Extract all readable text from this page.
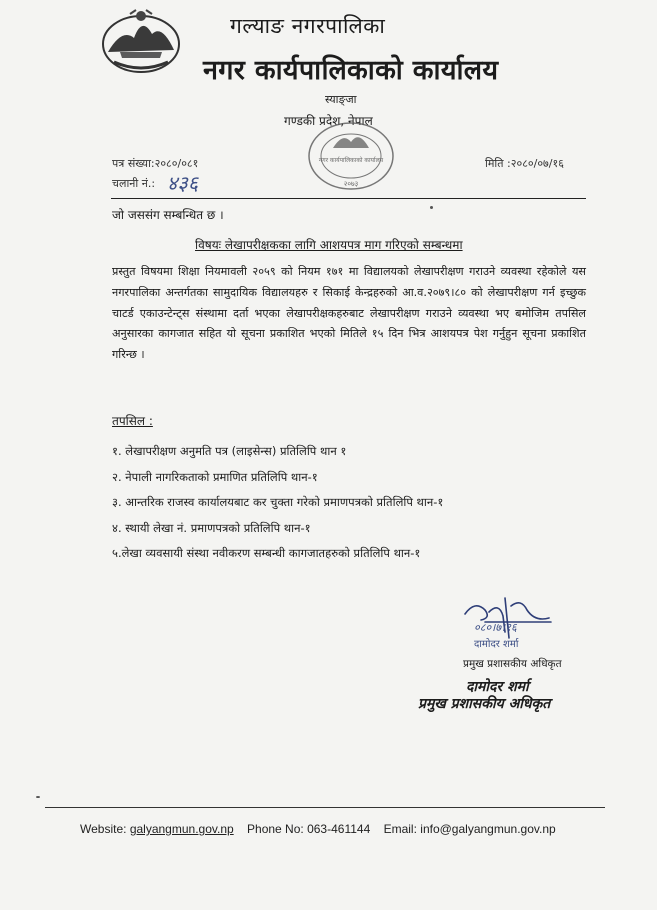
गल्याङ नगरपालिका
नगर कार्यपालिकाको कार्यालय
स्याङ्जा
गण्डकी प्रदेश, नेपाल
नगर कार्यपालिकाको कार्यालय
२०७३
पत्र संख्या:२०८०/०८१
चलानी नं.: ४३६
मिति :२०८०/०७/१६
जो जससंग सम्बन्धित छ ।
विषयः लेखापरीक्षकका लागि आशयपत्र माग गरिएको सम्बन्धमा
प्रस्तुत विषयमा शिक्षा नियमावली २०५९ को नियम १७१ मा विद्यालयको लेखापरीक्षण गराउने व्यवस्था रहेकोले यस नगरपालिका अन्तर्गतका सामुदायिक विद्यालयहरु र सिकाई केन्द्रहरुको आ.व.२०७९।८० को लेखापरीक्षण गर्न इच्छुक चाटर्ड एकाउन्टेन्ट्स संस्थामा दर्ता भएका लेखापरीक्षकहरुबाट लेखापरीक्षण गराउने व्यवस्था भए बमोजिम तपसिल अनुसारका कागजात सहित यो सूचना प्रकाशित भएको मितिले १५ दिन भित्र आशयपत्र पेश गर्नुहुन सूचना प्रकाशित गरिन्छ ।
तपसिल :
१. लेखापरीक्षण अनुमति पत्र (लाइसेन्स) प्रतिलिपि थान १
२. नेपाली नागरिकताको प्रमाणित प्रतिलिपि थान-१
३. आन्तरिक राजस्व कार्यालयबाट कर चुक्ता गरेको प्रमाणपत्रको प्रतिलिपि थान-१
४. स्थायी लेखा नं. प्रमाणपत्रको प्रतिलिपि थान-१
५.लेखा व्यवसायी संस्था नवीकरण सम्बन्धी कागजातहरुको प्रतिलिपि थान-१
०८०।७।१६
दामोदर शर्मा
प्रमुख प्रशासकीय अधिकृत
दामोदर शर्मा
प्रमुख प्रशासकीय अधिकृत
Website: galyangmun.gov.np Phone No: 063-461144 Email: info@galyangmun.gov.np
